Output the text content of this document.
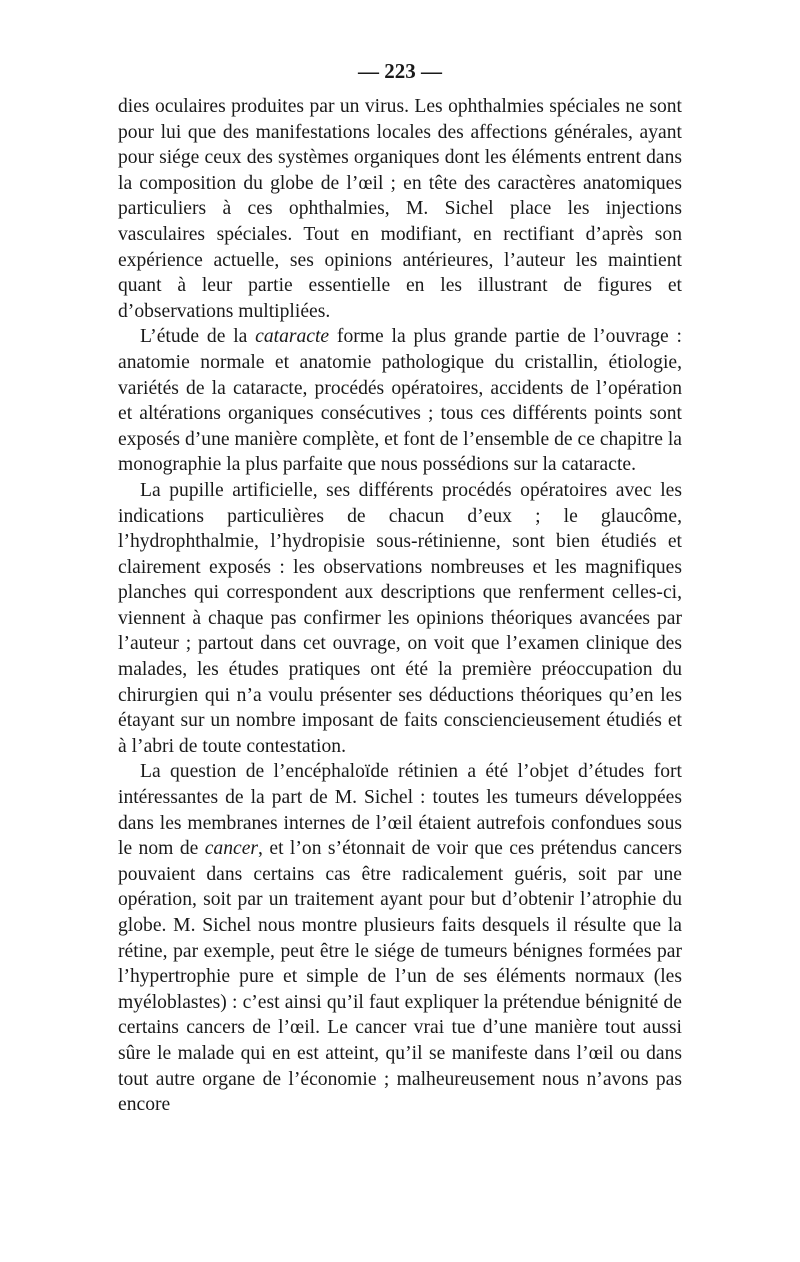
— 223 —

dies oculaires produites par un virus. Les ophthalmies spéciales ne sont pour lui que des manifestations locales des affections générales, ayant pour siége ceux des systèmes organiques dont les éléments entrent dans la composition du globe de l’œil ; en tête des caractères anatomiques particuliers à ces ophthalmies, M. Sichel place les injections vasculaires spéciales. Tout en modifiant, en rectifiant d’après son expérience actuelle, ses opinions antérieures, l’auteur les maintient quant à leur partie essentielle en les illustrant de figures et d’observations multipliées.

L’étude de la cataracte forme la plus grande partie de l’ouvrage : anatomie normale et anatomie pathologique du cristallin, étiologie, variétés de la cataracte, procédés opératoires, accidents de l’opération et altérations organiques consécutives ; tous ces différents points sont exposés d’une manière complète, et font de l’ensemble de ce chapitre la monographie la plus parfaite que nous possédions sur la cataracte.

La pupille artificielle, ses différents procédés opératoires avec les indications particulières de chacun d’eux ; le glaucôme, l’hydrophthalmie, l’hydropisie sous-rétinienne, sont bien étudiés et clairement exposés : les observations nombreuses et les magnifiques planches qui correspondent aux descriptions que renferment celles-ci, viennent à chaque pas confirmer les opinions théoriques avancées par l’auteur ; partout dans cet ouvrage, on voit que l’examen clinique des malades, les études pratiques ont été la première préoccupation du chirurgien qui n’a voulu présenter ses déductions théoriques qu’en les étayant sur un nombre imposant de faits consciencieusement étudiés et à l’abri de toute contestation.

La question de l’encéphaloïde rétinien a été l’objet d’études fort intéressantes de la part de M. Sichel : toutes les tumeurs développées dans les membranes internes de l’œil étaient autrefois confondues sous le nom de cancer, et l’on s’étonnait de voir que ces prétendus cancers pouvaient dans certains cas être radicalement guéris, soit par une opération, soit par un traitement ayant pour but d’obtenir l’atrophie du globe. M. Sichel nous montre plusieurs faits desquels il résulte que la rétine, par exemple, peut être le siége de tumeurs bénignes formées par l’hypertrophie pure et simple de l’un de ses éléments normaux (les myéloblastes) : c’est ainsi qu’il faut expliquer la prétendue bénignité de certains cancers de l’œil. Le cancer vrai tue d’une manière tout aussi sûre le malade qui en est atteint, qu’il se manifeste dans l’œil ou dans tout autre organe de l’économie ; malheureusement nous n’avons pas encore
